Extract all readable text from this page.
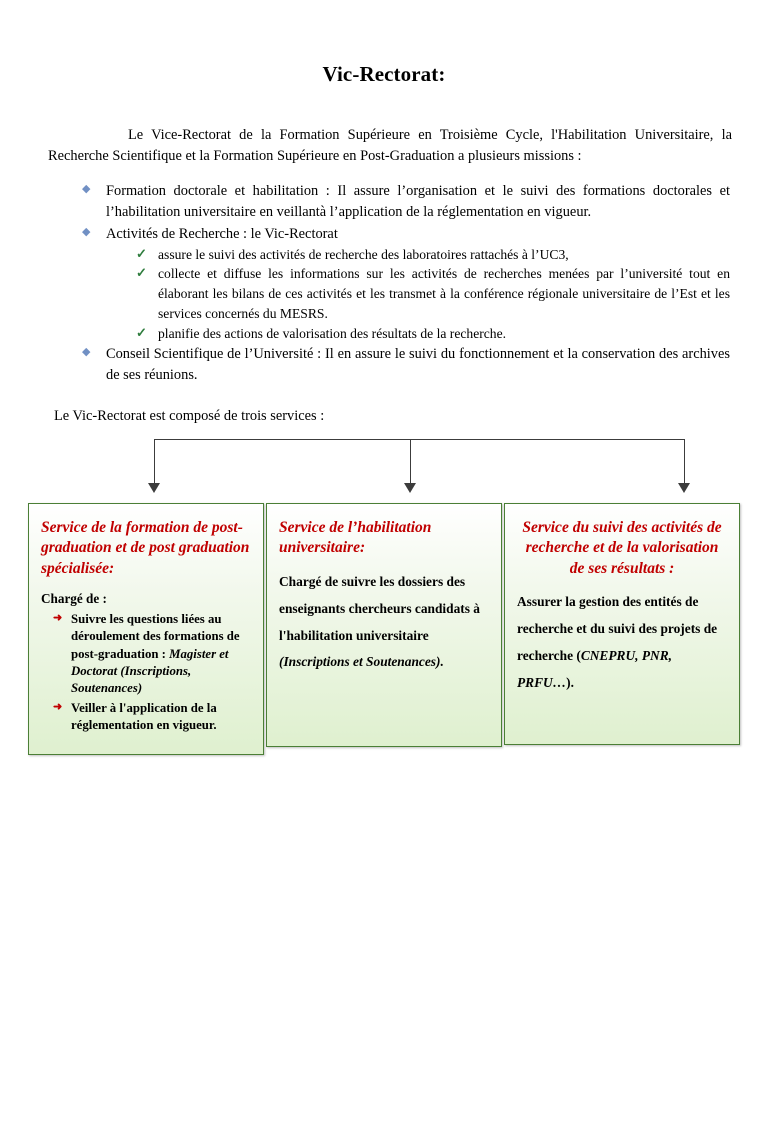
Vic-Rectorat:

Le Vice-Rectorat de la Formation Supérieure en Troisième Cycle, l'Habilitation Universitaire, la Recherche Scientifique et la Formation Supérieure en Post-Graduation a plusieurs missions :

◆ Formation doctorale et habilitation : Il assure l’organisation et le suivi des formations doctorales et l’habilitation universitaire en veillantà l’application de la réglementation en vigueur.
◆ Activités de Recherche : le Vic-Rectorat
✓ assure le suivi des activités de recherche des laboratoires rattachés à l’UC3,
✓ collecte et diffuse les informations sur les activités de recherches menées par l’université tout en élaborant les bilans de ces activités et les transmet à la conférence régionale universitaire de l’Est et les services concernés du MESRS.
✓ planifie des actions de valorisation des résultats de la recherche.
◆ Conseil Scientifique de l’Université : Il en assure le suivi du fonctionnement et la conservation des archives de ses réunions.
Le Vic-Rectorat est composé de trois services :
Service de la formation de post-graduation et de post graduation spécialisée:
Chargé de :
➜ Suivre les questions liées au déroulement des formations de post-graduation : Magister et Doctorat (Inscriptions, Soutenances)
➜ Veiller à l'application de la réglementation en vigueur.
Service de l’habilitation universitaire:
Chargé de suivre les dossiers des enseignants chercheurs candidats à l'habilitation universitaire (Inscriptions et Soutenances).
Service du suivi des activités de recherche et de la valorisation de ses résultats :
Assurer la gestion des entités de recherche et du suivi des projets de recherche (CNEPRU, PNR, PRFU…).
